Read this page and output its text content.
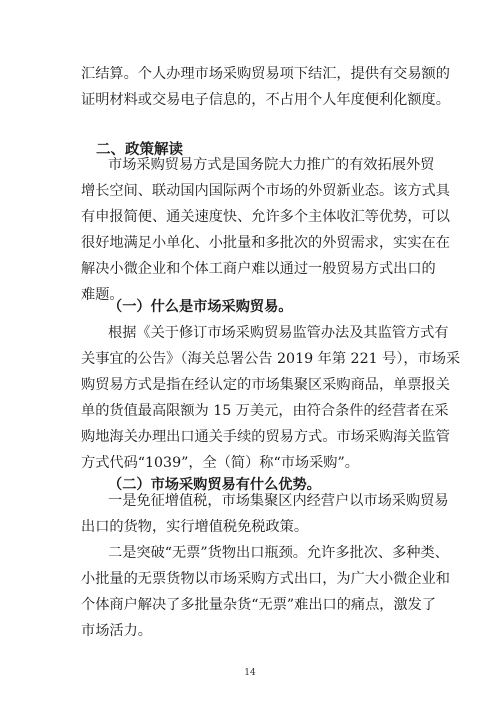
汇结算。个人办理市场采购贸易项下结汇，提供有交易额的
证明材料或交易电子信息的，不占用个人年度便利化额度。
二、政策解读
市场采购贸易方式是国务院大力推广的有效拓展外贸
增长空间、联动国内国际两个市场的外贸新业态。该方式具
有申报简便、通关速度快、允许多个主体收汇等优势，可以
很好地满足小单化、小批量和多批次的外贸需求，实实在在
解决小微企业和个体工商户难以通过一般贸易方式出口的
难题。
（一）什么是市场采购贸易。
根据《关于修订市场采购贸易监管办法及其监管方式有
关事宜的公告》（海关总署公告 2019 年第 221 号），市场采
购贸易方式是指在经认定的市场集聚区采购商品，单票报关
单的货值最高限额为 15 万美元，由符合条件的经营者在采
购地海关办理出口通关手续的贸易方式。市场采购海关监管
方式代码“1039”，全（简）称“市场采购”。
（二）市场采购贸易有什么优势。
一是免征增值税，市场集聚区内经营户以市场采购贸易
出口的货物，实行增值税免税政策。
二是突破“无票”货物出口瓶颈。允许多批次、多种类、
小批量的无票货物以市场采购方式出口，为广大小微企业和
个体商户解决了多批量杂货“无票”难出口的痛点，激发了
市场活力。
14
